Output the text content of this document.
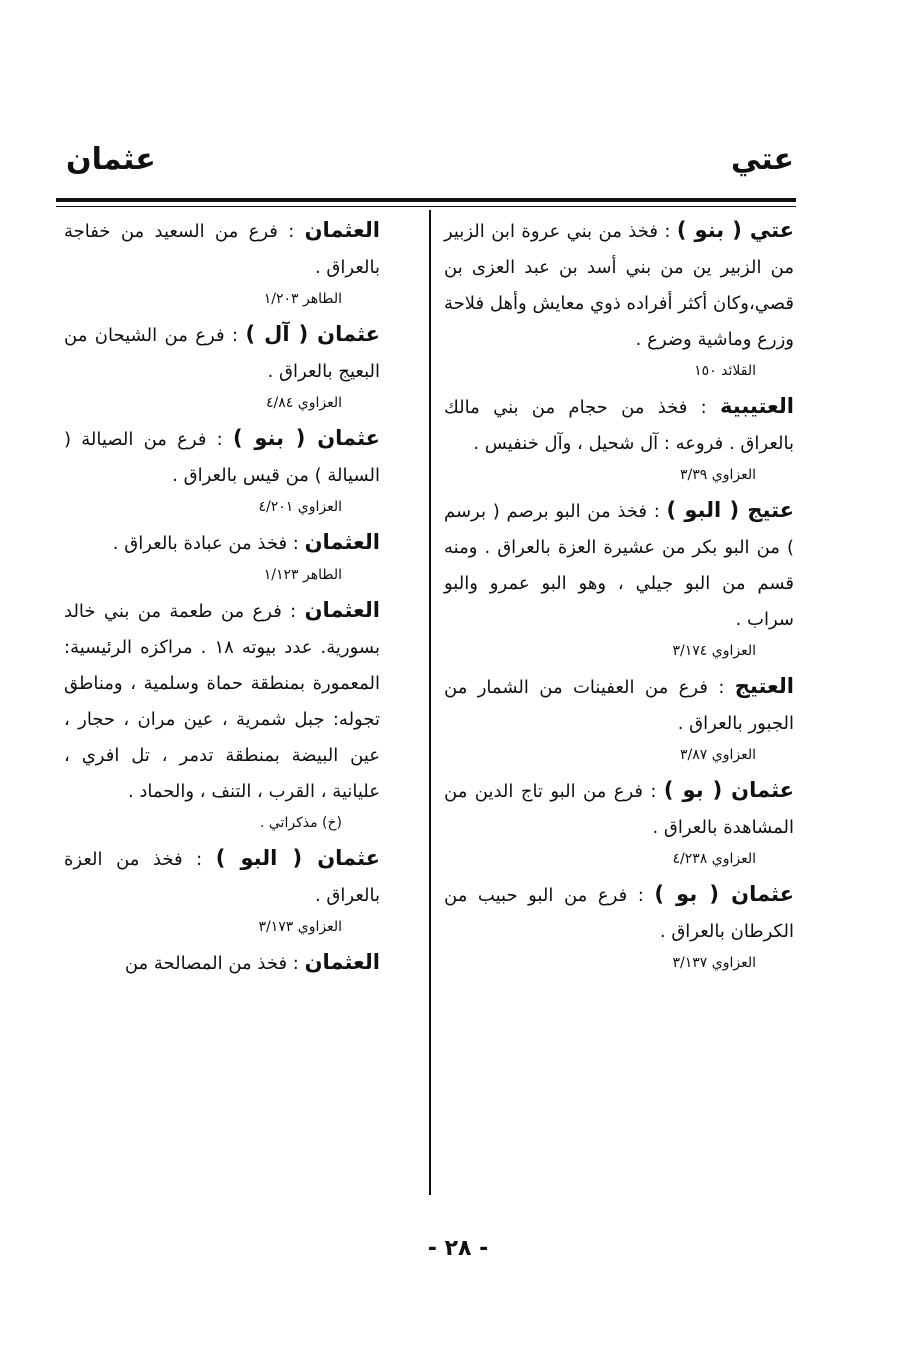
عتي
عثمان

عتي ( بنو ) : فخذ من بني عروة ابن الزبير من الزبير ين من بني أسد بن عبد العزى بن قصي،وكان أكثر أفراده ذوي معايش وأهل فلاحة وزرع وماشية وضرع .

القلائد ١٥٠

العتيبية : فخذ من حجام من بني مالك بالعراق . فروعه : آل شحيل ، وآل خنفيس .

العزاوي ٣/٣٩

عتيج ( البو ) : فخذ من البو برصم ( برسم ) من البو بكر من عشيرة العزة بالعراق . ومنه قسم من البو جيلي ، وهو البو عمرو والبو سراب .

العزاوي ٣/١٧٤

العتيج : فرع من العفينات من الشمار من الجبور بالعراق .

العزاوي ٣/٨٧

عثمان ( بو ) : فرع من البو تاج الدين من المشاهدة بالعراق .

العزاوي ٤/٢٣٨

عثمان ( بو ) : فرع من البو حبيب من الكرطان بالعراق .

العزاوي ٣/١٣٧

العثمان : فرع من السعيد من خفاجة بالعراق .

الطاهر ١/٢٠٣

عثمان ( آل ) : فرع من الشيحان من البعيج بالعراق .

العزاوي ٤/٨٤

عثمان ( بنو ) : فرع من الصيالة ( السيالة ) من قيس بالعراق .

العزاوي ٤/٢٠١

العثمان : فخذ من عبادة بالعراق .

الطاهر ١/١٢٣

العثمان : فرع من طعمة من بني خالد بسورية. عدد بيوته ١٨ . مراكزه الرئيسية: المعمورة بمنطقة حماة وسلمية ، ومناطق تجوله: جبل شمرية ، عين مران ، حجار ، عين البيضة بمنطقة تدمر ، تل افري ، عليانية ، القرب ، التنف ، والحماد .

(خ) مذكراتي .

عثمان ( البو ) : فخذ من العزة بالعراق .

العزاوي ٣/١٧٣

العثمان : فخذ من المصالحة من

- ٢٨ -
